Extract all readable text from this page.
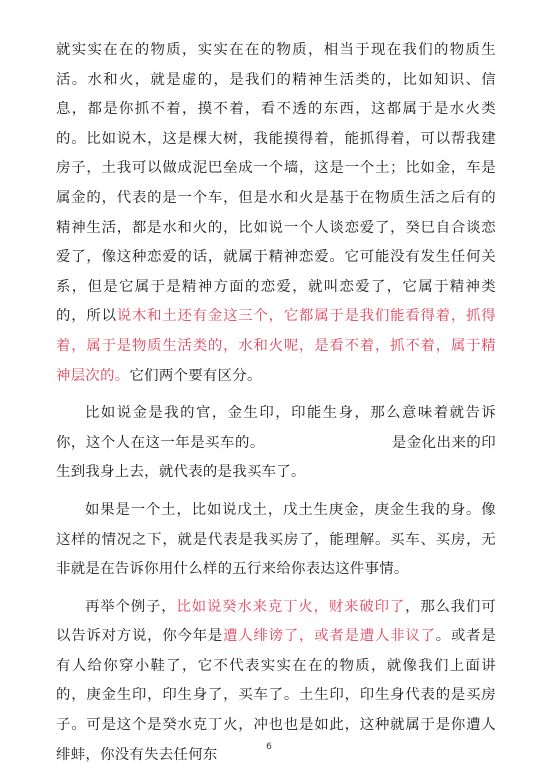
就实实在在的物质，实实在在的物质，相当于现在我们的物质生活。水和火，就是虚的，是我们的精神生活类的，比如知识、信息，都是你抓不着，摸不着，看不透的东西，这都属于是水火类的。比如说木，这是棵大树，我能摸得着，能抓得着，可以帮我建房子，土我可以做成泥巴垒成一个墙，这是一个土；比如金，车是属金的，代表的是一个车，但是水和火是基于在物质生活之后有的精神生活，都是水和火的，比如说一个人谈恋爱了，癸巳自合谈恋爱了，像这种恋爱的话，就属于精神恋爱。它可能没有发生任何关系，但是它属于是精神方面的恋爱，就叫恋爱了，它属于精神类的，所以说木和土还有金这三个，它都属于是我们能看得着，抓得着，属于是物质生活类的，水和火呢，是看不着，抓不着，属于精神层次的。它们两个要有区分。

比如说金是我的官，金生印，印能生身，那么意味着就告诉你，这个人在这一年是买车的。　　　　　　　　　是金化出来的印生到我身上去，就代表的是我买车了。

如果是一个土，比如说戊土，戊土生庚金，庚金生我的身。像这样的情况之下，就是代表是我买房了，能理解。买车、买房，无非就是在告诉你用什么样的五行来给你表达这件事情。

再举个例子，比如说癸水来克丁火，财来破印了，那么我们可以告诉对方说，你今年是遭人绯谤了，或者是遭人非议了。或者是有人给你穿小鞋了，它不代表实实在在的物质，就像我们上面讲的，庚金生印，印生身了，买车了。土生印，印生身代表的是买房子。可是这个是癸水克丁火，冲也也是如此，这种就属于是你遭人绯蚌，你没有失去任何东	6
